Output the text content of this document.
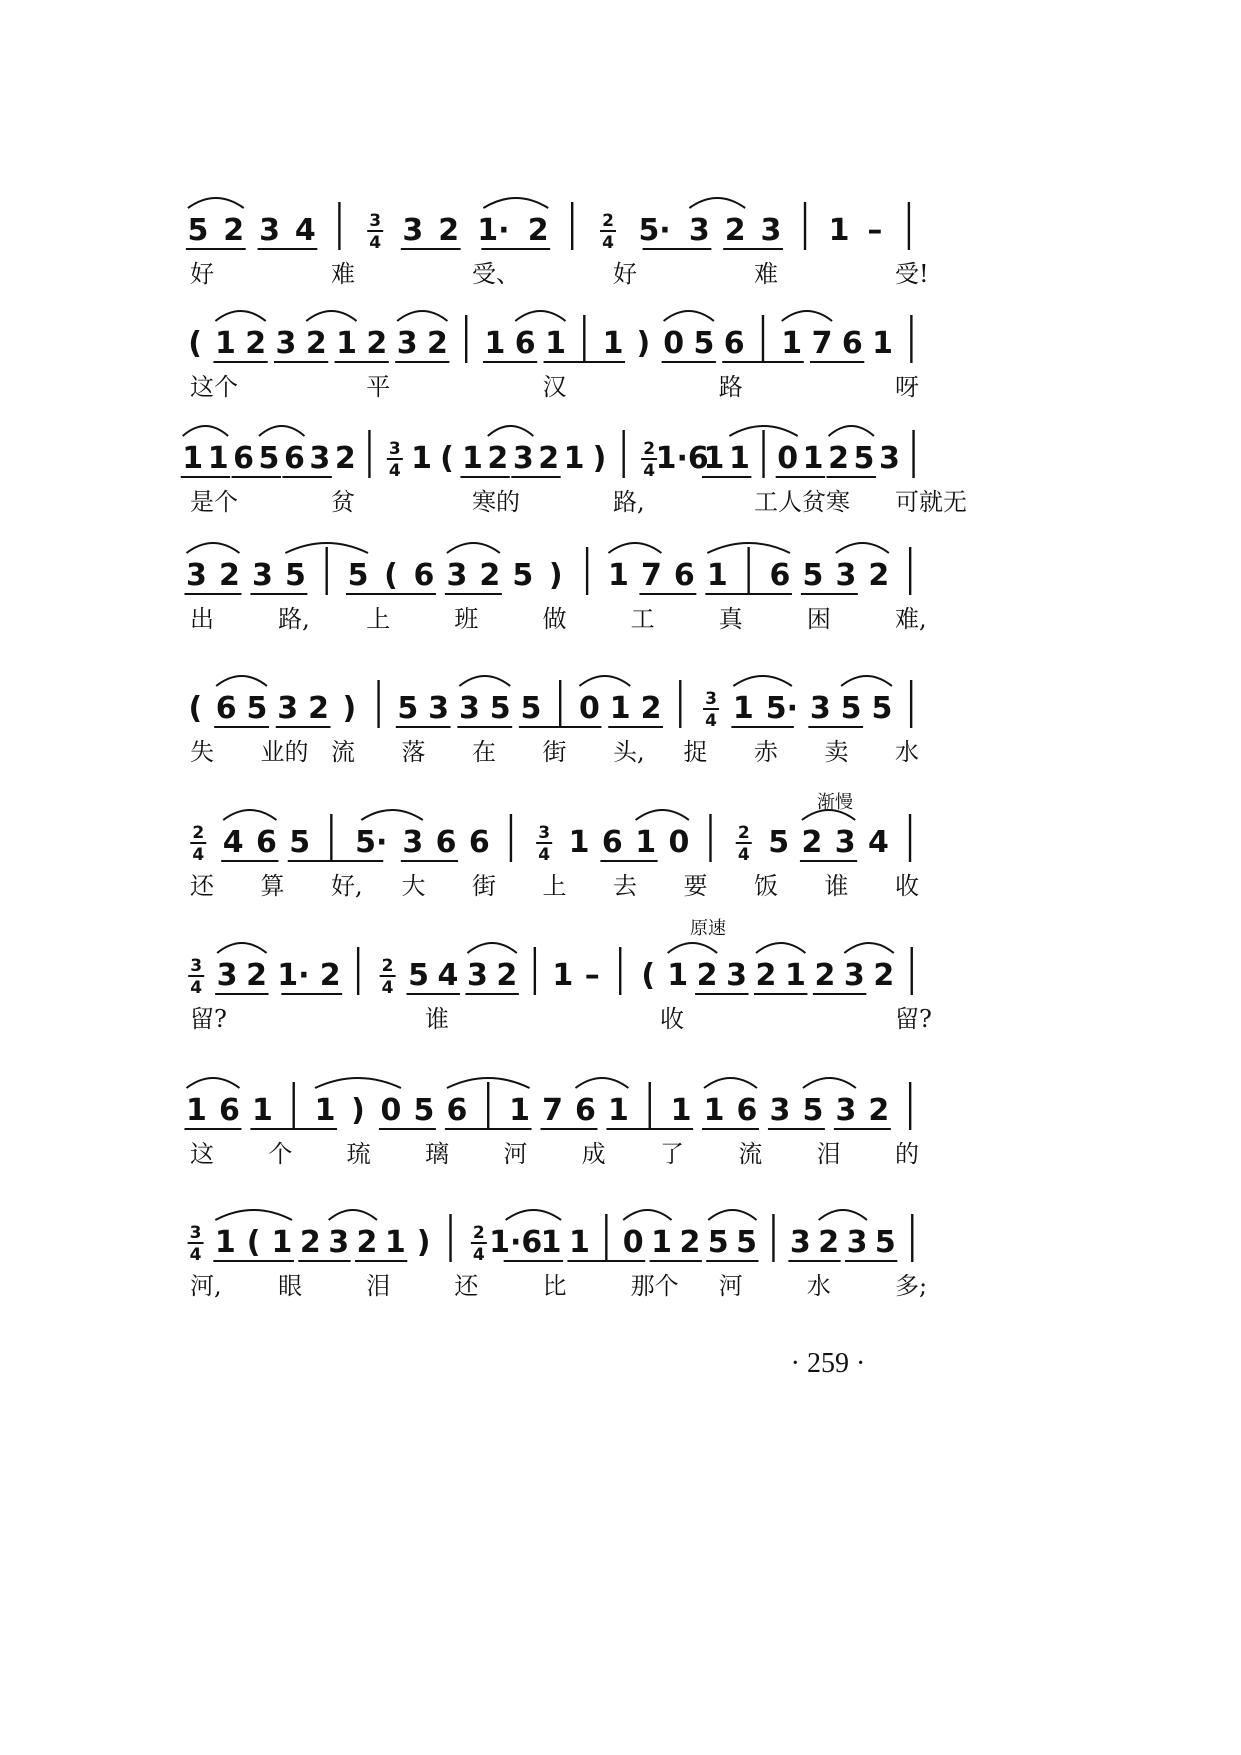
5 2 3 4	3
4 3 2 1· 2	2
4 5· 3 2 3 1 –
好	难	受、	好	难	受!
( 1 2 3 2 1 2 3 2 1 6 1 1 ) 0 5 6 1 7 6 1
这个	平	汉	路	呀
1 1 6 5 6 3 2 3
4 1 ( 1 2 3 2 1 ) 2
4 1·6
1 1 0 1 2 5 3
是个	贫	寒的	路,	工人贫寒 可就无
3 2 3 5 5 ( 6 3 2 5 ) 1 7 6 1 6 5 3 2
出	路, 上	班	做	工	真	困	难,
( 6 5 3 2 ) 5 3 3 5 5 0 1 2	3
4 1 5· 3 5 5
失 业的 流 落 在 街 头, 捉 赤 卖 水
2
4 4 6 5 5· 3 6 6	3
4 1 6 1 0	2
4 5 2 3 4
还 算 好, 大 街 上 去 要 饭 谁 收
3
4 3 2 1· 2 2
4 5 4 3 2 1 – ( 1 2 3 2 1 2 3 2
留?	谁	收	留?
1 6 1 1 ) 0 5 6 1 7 6 1 1 1 6 3 5 3 2
这 个 琉 璃 河 成 了 流 泪 的
3
4 1 ( 1 2 3 2 1 ) 2
4 1·6
1 1 0 1 2 5 5 3 2 3 5
河, 眼	泪	还	比	那个 河	水	多;
渐慢
原速
· 259 ·
